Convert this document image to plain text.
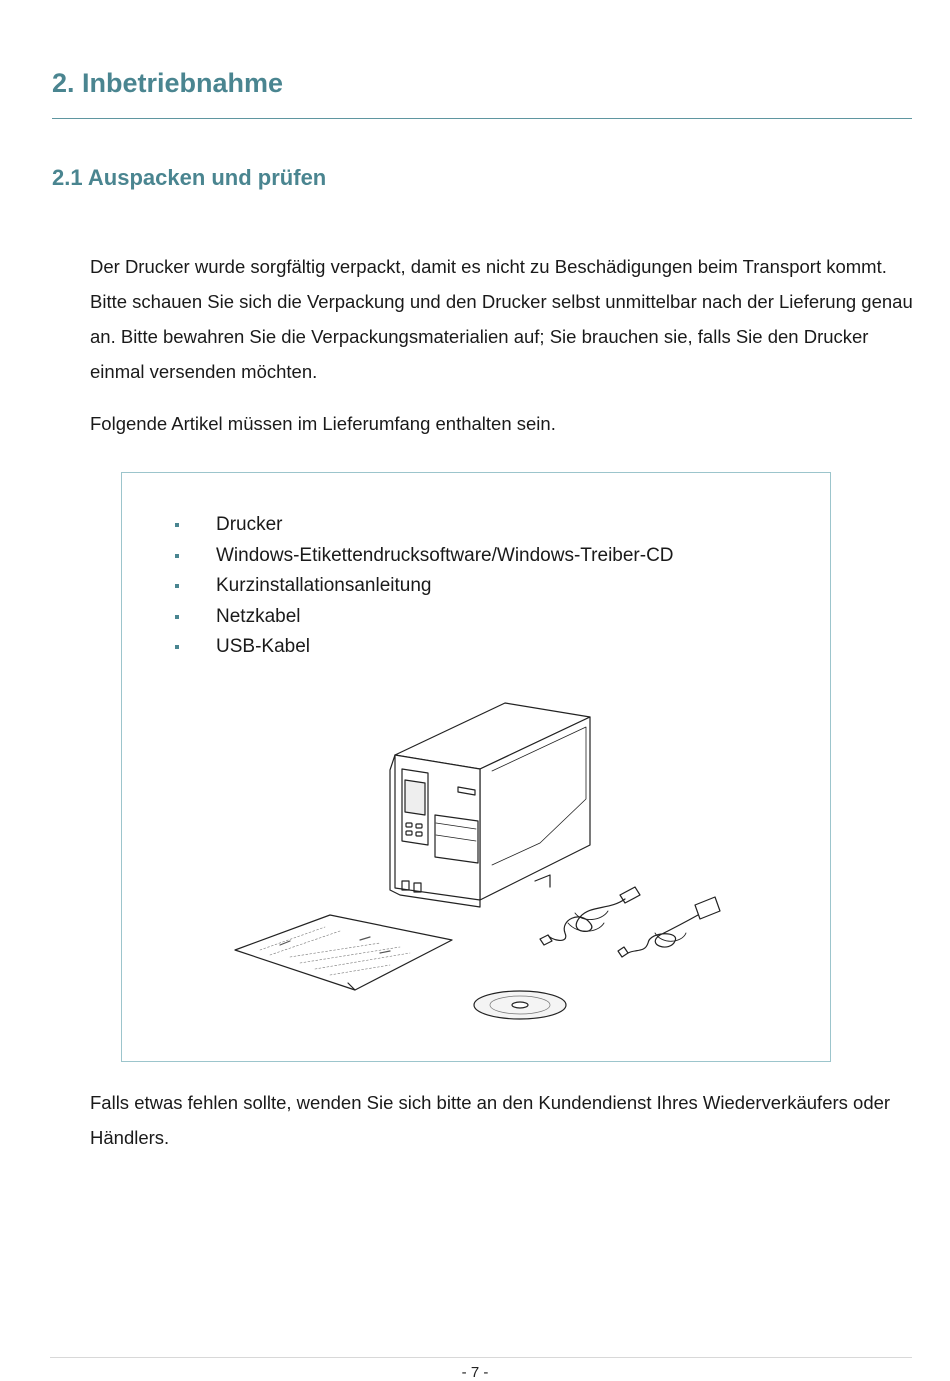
2. Inbetriebnahme
2.1 Auspacken und prüfen

Der Drucker wurde sorgfältig verpackt, damit es nicht zu Beschädigungen beim Transport kommt. Bitte schauen Sie sich die Verpackung und den Drucker selbst unmittelbar nach der Lieferung genau an. Bitte bewahren Sie die Verpackungsmaterialien auf; Sie brauchen sie, falls Sie den Drucker einmal versenden möchten.

Folgende Artikel müssen im Lieferumfang enthalten sein.

Drucker
Windows-Etikettendrucksoftware/Windows-Treiber-CD
Kurzinstallationsanleitung
Netzkabel
USB-Kabel

Falls etwas fehlen sollte, wenden Sie sich bitte an den Kundendienst Ihres Wiederverkäufers oder Händlers.

- 7 -
